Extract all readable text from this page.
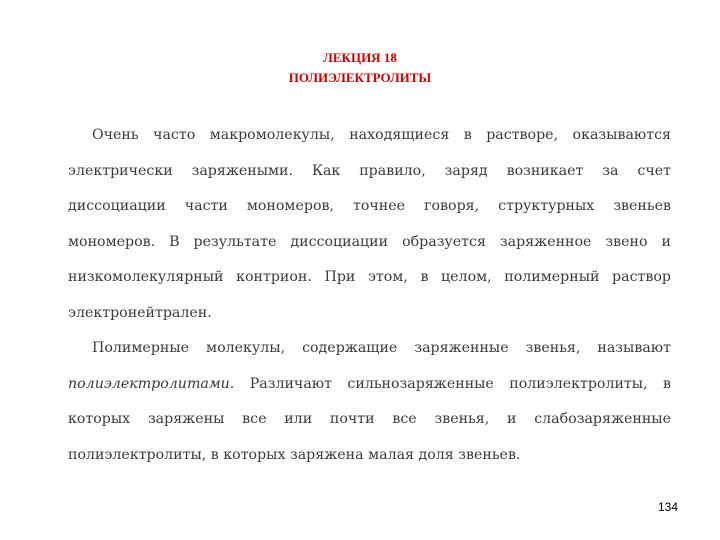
ЛЕКЦИЯ 18
ПОЛИЭЛЕКТРОЛИТЫ

Очень часто макромолекулы, находящиеся в растворе, оказываются электрически заряжеными. Как правило, заряд возникает за счет диссоциации части мономеров, точнее говоря, структурных звеньев мономеров. В результате диссоциации образуется заряженное звено и низкомолекулярный контрион. При этом, в целом, полимерный раствор электронейтрален.

Полимерные молекулы, содержащие заряженные звенья, называют полиэлектролитами. Различают сильнозаряженные полиэлектролиты, в которых заряжены все или почти все звенья, и слабозаряженные полиэлектролиты, в которых заряжена малая доля звеньев.

134
